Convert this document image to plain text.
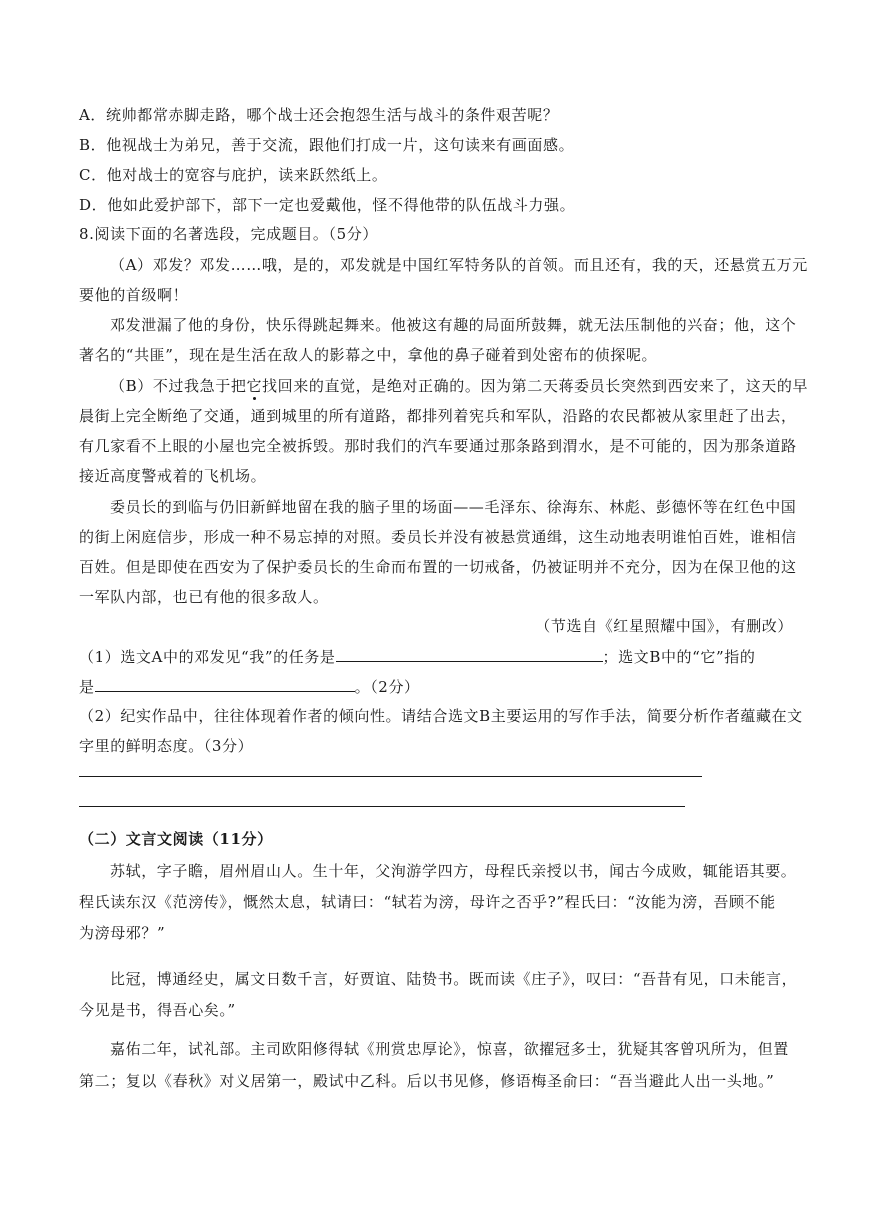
A．统帅都常赤脚走路，哪个战士还会抱怨生活与战斗的条件艰苦呢？
B．他视战士为弟兄，善于交流，跟他们打成一片，这句读来有画面感。
C．他对战士的宽容与庇护，读来跃然纸上。
D．他如此爱护部下，部下一定也爱戴他，怪不得他带的队伍战斗力强。
8.阅读下面的名著选段，完成题目。（5分）
（A）邓发？邓发……哦，是的，邓发就是中国红军特务队的首领。而且还有，我的天，还悬赏五万元
要他的首级啊！
邓发泄漏了他的身份，快乐得跳起舞来。他被这有趣的局面所鼓舞，就无法压制他的兴奋；他，这个
著名的“共匪”，现在是生活在敌人的影幕之中，拿他的鼻子碰着到处密布的侦探呢。
（B）不过我急于把它找回来的直觉，是绝对正确的。因为第二天蒋委员长突然到西安来了，这天的早
晨街上完全断绝了交通，通到城里的所有道路，都排列着宪兵和军队，沿路的农民都被从家里赶了出去，
有几家看不上眼的小屋也完全被拆毁。那时我们的汽车要通过那条路到渭水，是不可能的，因为那条道路
接近高度警戒着的飞机场。
委员长的到临与仍旧新鲜地留在我的脑子里的场面——毛泽东、徐海东、林彪、彭德怀等在红色中国
的街上闲庭信步，形成一种不易忘掉的对照。委员长并没有被悬赏通缉，这生动地表明谁怕百姓，谁相信
百姓。但是即使在西安为了保护委员长的生命而布置的一切戒备，仍被证明并不充分，因为在保卫他的这
一军队内部，也已有他的很多敌人。
（节选自《红星照耀中国》，有删改）
（1）选文A中的邓发见“我”的任务是	；选文B中的“它”指的
是	。（2分）
（2）纪实作品中，往往体现着作者的倾向性。请结合选文B主要运用的写作手法，简要分析作者蕴藏在文
字里的鲜明态度。（3分）
（二）文言文阅读（11分）
苏轼，字子瞻，眉州眉山人。生十年，父洵游学四方，母程氏亲授以书，闻古今成败，辄能语其要。
程氏读东汉《范滂传》，慨然太息，轼请曰：“轼若为滂，母许之否乎?”程氏曰：“汝能为滂，吾顾不能
为滂母邪？”
比冠，博通经史，属文日数千言，好贾谊、陆贽书。既而读《庄子》，叹曰：“吾昔有见，口未能言，
今见是书，得吾心矣。”
嘉佑二年，试礼部。主司欧阳修得轼《刑赏忠厚论》，惊喜，欲擢冠多士，犹疑其客曾巩所为，但置
第二；复以《春秋》对义居第一，殿试中乙科。后以书见修，修语梅圣俞曰：“吾当避此人出一头地。”
